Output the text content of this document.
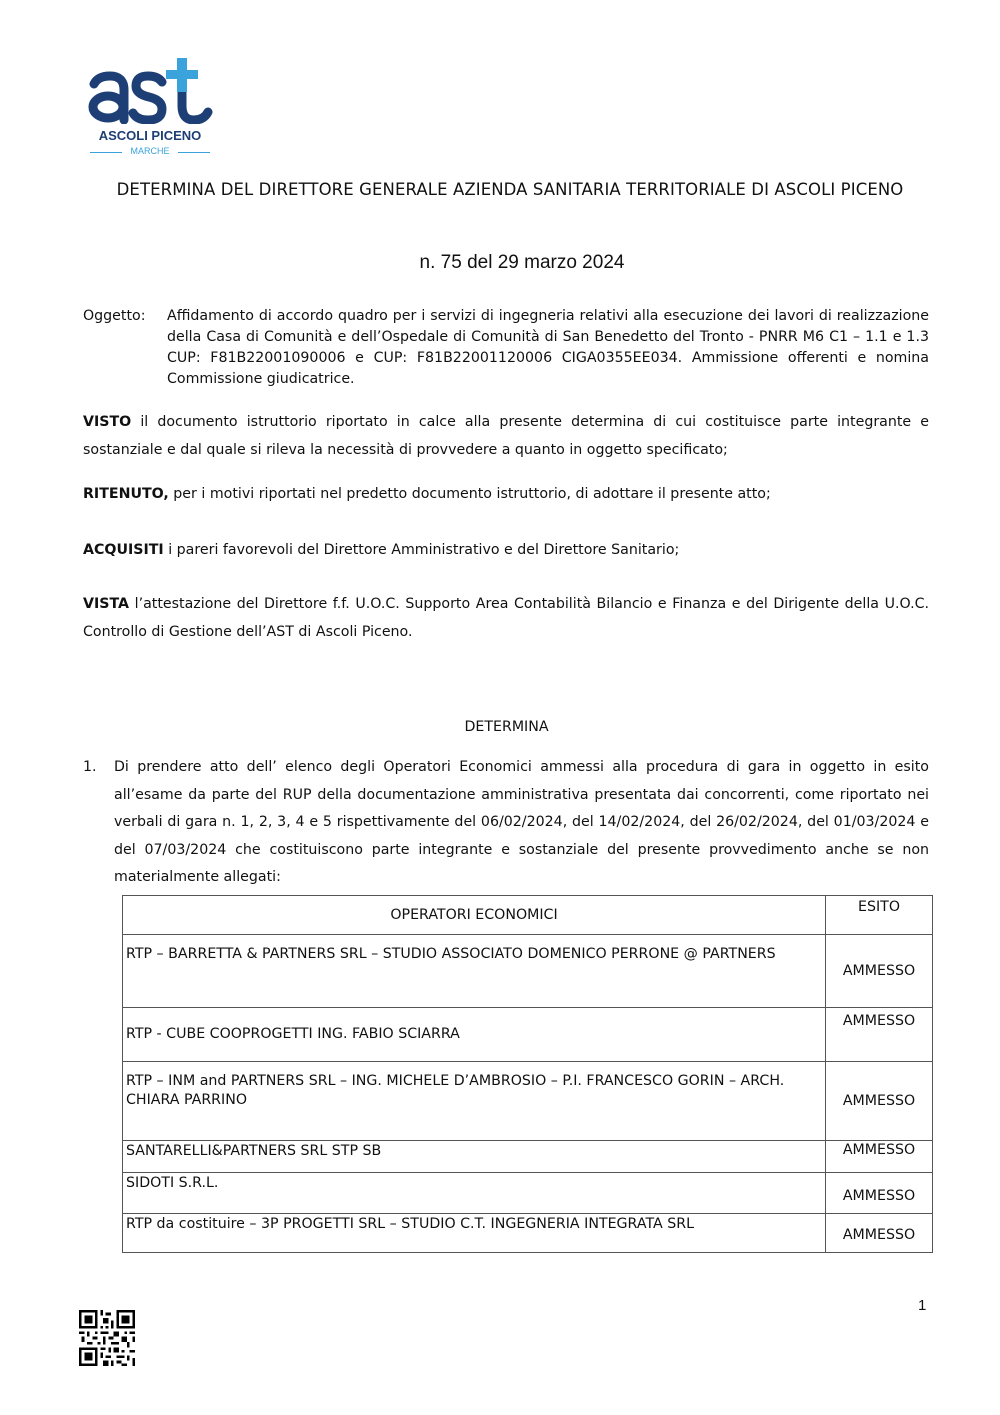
ASCOLI PICENO
MARCHE
DETERMINA DEL DIRETTORE GENERALE AZIENDA SANITARIA TERRITORIALE DI ASCOLI PICENO
n. 75 del 29 marzo 2024
Oggetto: Affidamento di accordo quadro per i servizi di ingegneria relativi alla esecuzione dei lavori di realizzazione della Casa di Comunità e dell’Ospedale di Comunità di San Benedetto del Tronto - PNRR M6 C1 – 1.1 e 1.3 CUP: F81B22001090006 e CUP: F81B22001120006 CIGA0355EE034. Ammissione offerenti e nomina Commissione giudicatrice.
VISTO il documento istruttorio riportato in calce alla presente determina di cui costituisce parte integrante e sostanziale e dal quale si rileva la necessità di provvedere a quanto in oggetto specificato;
RITENUTO, per i motivi riportati nel predetto documento istruttorio, di adottare il presente atto;
ACQUISITI i pareri favorevoli del Direttore Amministrativo e del Direttore Sanitario;
VISTA l’attestazione del Direttore f.f. U.O.C. Supporto Area Contabilità Bilancio e Finanza e del Dirigente della U.O.C. Controllo di Gestione dell’AST di Ascoli Piceno.
DETERMINA
1. Di prendere atto dell’ elenco degli Operatori Economici ammessi alla procedura di gara in oggetto in esito all’esame da parte del RUP della documentazione amministrativa presentata dai concorrenti, come riportato nei verbali di gara n. 1, 2, 3, 4 e 5 rispettivamente del 06/02/2024, del 14/02/2024, del 26/02/2024, del 01/03/2024 e del 07/03/2024 che costituiscono parte integrante e sostanziale del presente provvedimento anche se non materialmente allegati:
OPERATORI ECONOMICI	ESITO
RTP – BARRETTA & PARTNERS SRL – STUDIO ASSOCIATO DOMENICO PERRONE @ PARTNERS	AMMESSO
RTP - CUBE COOPROGETTI ING. FABIO SCIARRA	AMMESSO
RTP – INM and PARTNERS SRL – ING. MICHELE D’AMBROSIO – P.I. FRANCESCO GORIN – ARCH. CHIARA PARRINO	AMMESSO
SANTARELLI&PARTNERS SRL STP SB	AMMESSO
SIDOTI S.R.L.	AMMESSO
RTP da costituire – 3P PROGETTI SRL – STUDIO C.T. INGEGNERIA INTEGRATA SRL	AMMESSO
1
